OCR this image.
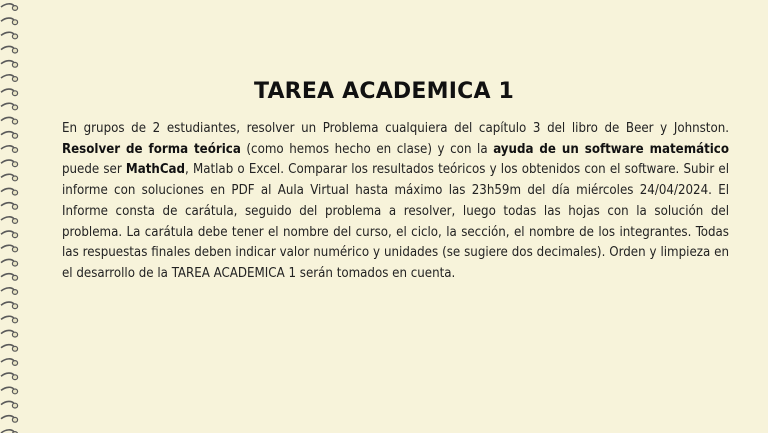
TAREA ACADEMICA 1

En grupos de 2 estudiantes, resolver un Problema cualquiera del capítulo 3 del libro de Beer y Johnston. Resolver de forma teórica (como hemos hecho en clase) y con la ayuda de un software matemático puede ser MathCad, Matlab o Excel. Comparar los resultados teóricos y los obtenidos con el software. Subir el informe con soluciones en PDF al Aula Virtual hasta máximo las 23h59m del día miércoles 24/04/2024. El Informe consta de carátula, seguido del problema a resolver, luego todas las hojas con la solución del problema. La carátula debe tener el nombre del curso, el ciclo, la sección, el nombre de los integrantes. Todas las respuestas finales deben indicar valor numérico y unidades (se sugiere dos decimales). Orden y limpieza en el desarrollo de la TAREA ACADEMICA 1 serán tomados en cuenta.
